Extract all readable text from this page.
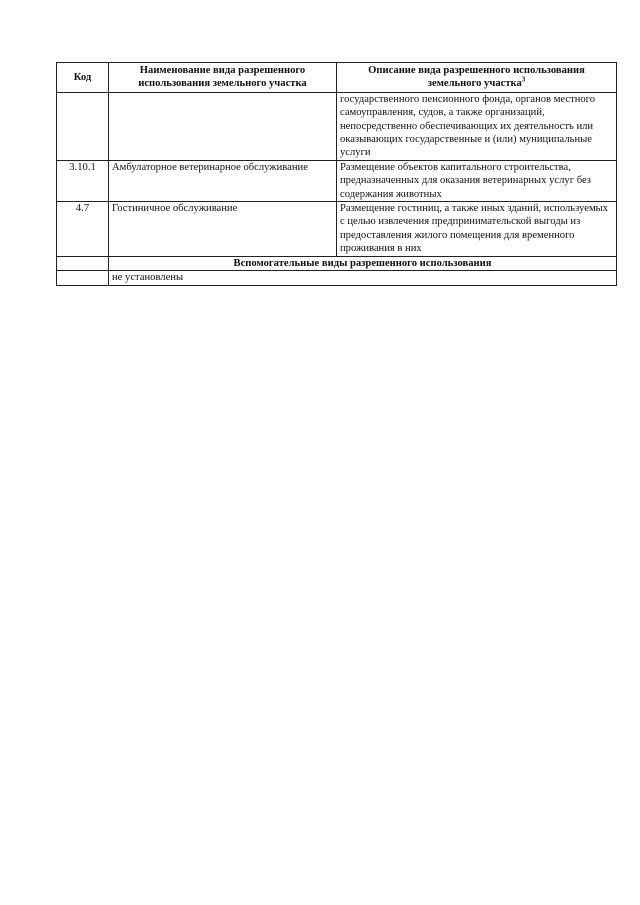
Код	Наименование вида разрешенного использования земельного участка	Описание вида разрешенного использования земельного участка$^3$
		государственного пенсионного фонда, органов местного самоуправления, судов, а также организаций, непосредственно обеспечивающих их деятельность или оказывающих государственные и (или) муниципальные услуги
3.10.1	Амбулаторное ветеринарное обслуживание	Размещение объектов капитального строительства, предназначенных для оказания ветеринарных услуг без содержания животных
4.7	Гостиничное обслуживание	Размещение гостиниц, а также иных зданий, используемых с целью извлечения предпринимательской выгоды из предоставления жилого помещения для временного проживания в них
	Вспомогательные виды разрешенного использования	
	не установлены	
